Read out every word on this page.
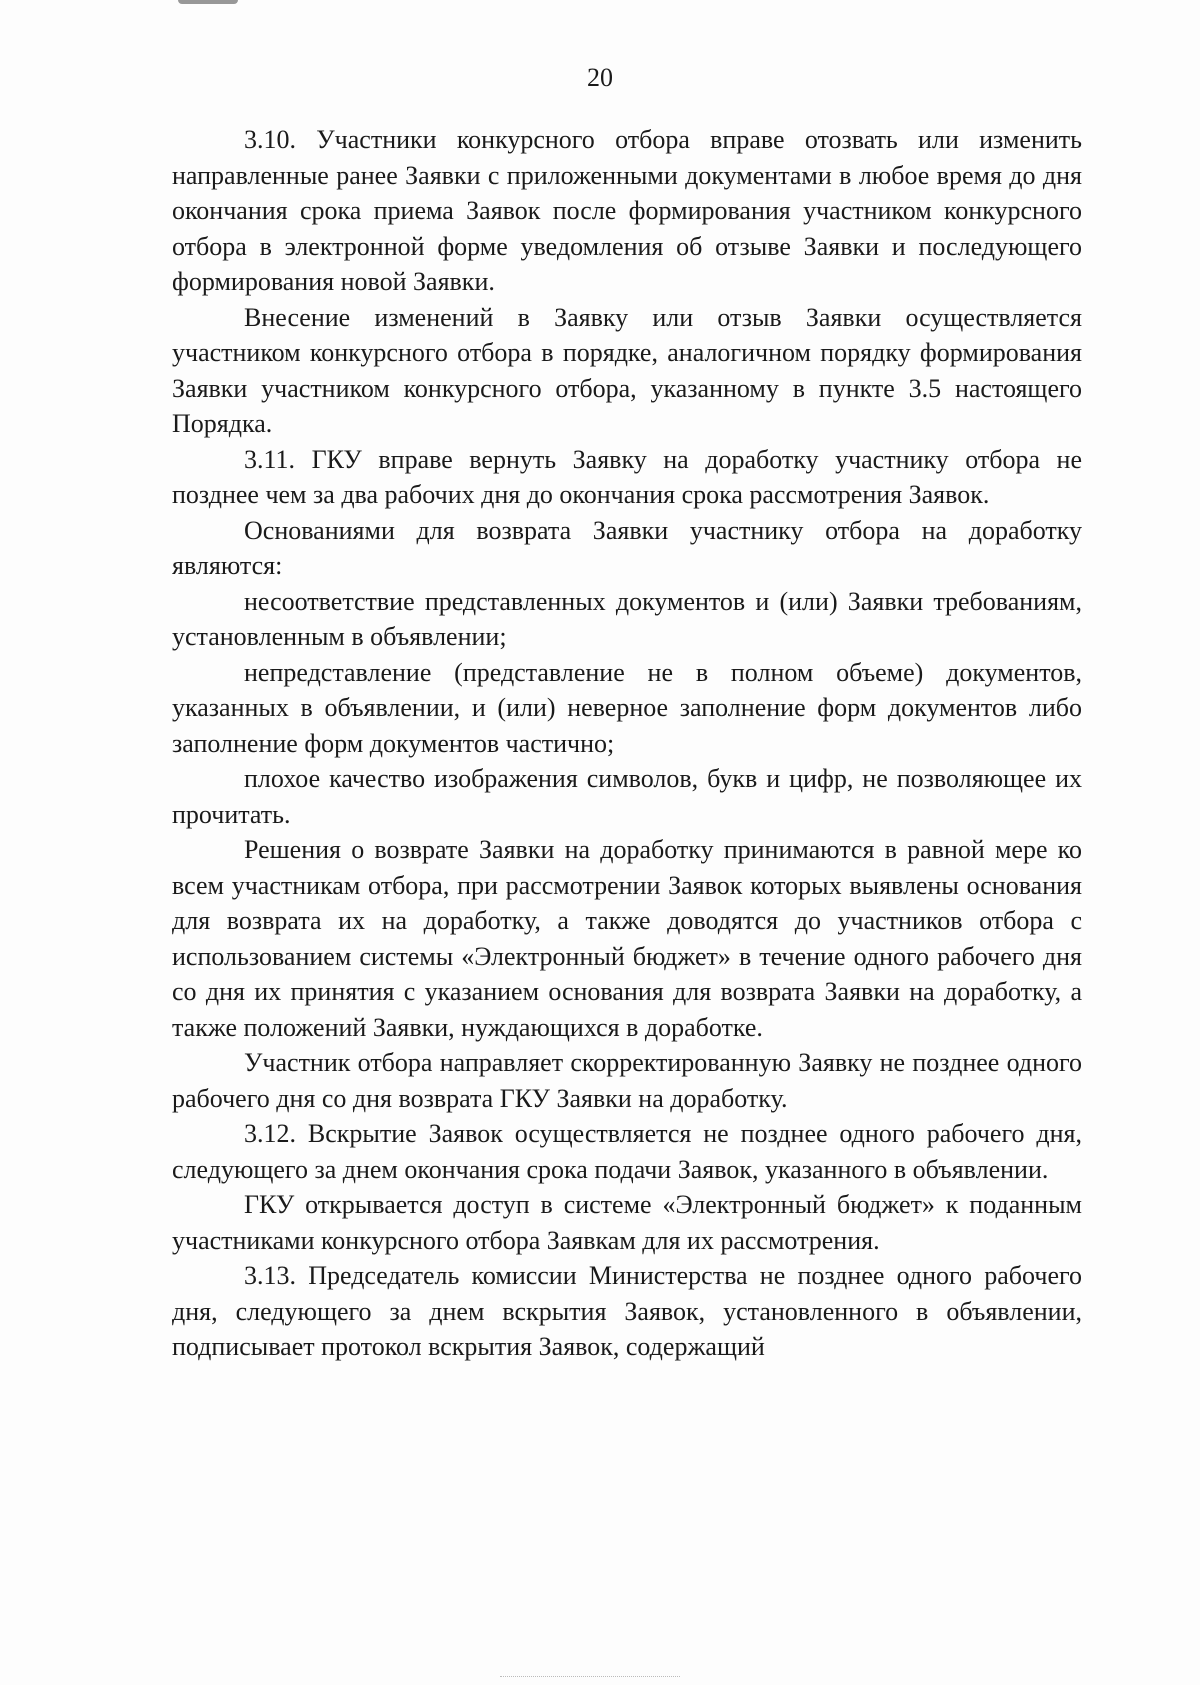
20

3.10. Участники конкурсного отбора вправе отозвать или изменить направленные ранее Заявки с приложенными документами в любое время до дня окончания срока приема Заявок после формирования участником конкурсного отбора в электронной форме уведомления об отзыве Заявки и последующего формирования новой Заявки.

Внесение изменений в Заявку или отзыв Заявки осуществляется участником конкурсного отбора в порядке, аналогичном порядку формирования Заявки участником конкурсного отбора, указанному в пункте 3.5 настоящего Порядка.

3.11. ГКУ вправе вернуть Заявку на доработку участнику отбора не позднее чем за два рабочих дня до окончания срока рассмотрения Заявок.

Основаниями для возврата Заявки участнику отбора на доработку являются:

несоответствие представленных документов и (или) Заявки требованиям, установленным в объявлении;

непредставление (представление не в полном объеме) документов, указанных в объявлении, и (или) неверное заполнение форм документов либо заполнение форм документов частично;

плохое качество изображения символов, букв и цифр, не позволяющее их прочитать.

Решения о возврате Заявки на доработку принимаются в равной мере ко всем участникам отбора, при рассмотрении Заявок которых выявлены основания для возврата их на доработку, а также доводятся до участников отбора с использованием системы «Электронный бюджет» в течение одного рабочего дня со дня их принятия с указанием основания для возврата Заявки на доработку, а также положений Заявки, нуждающихся в доработке.

Участник отбора направляет скорректированную Заявку не позднее одного рабочего дня со дня возврата ГКУ Заявки на доработку.

3.12. Вскрытие Заявок осуществляется не позднее одного рабочего дня, следующего за днем окончания срока подачи Заявок, указанного в объявлении.

ГКУ открывается доступ в системе «Электронный бюджет» к поданным участниками конкурсного отбора Заявкам для их рассмотрения.

3.13. Председатель комиссии Министерства не позднее одного рабочего дня, следующего за днем вскрытия Заявок, установленного в объявлении, подписывает протокол вскрытия Заявок, содержащий
